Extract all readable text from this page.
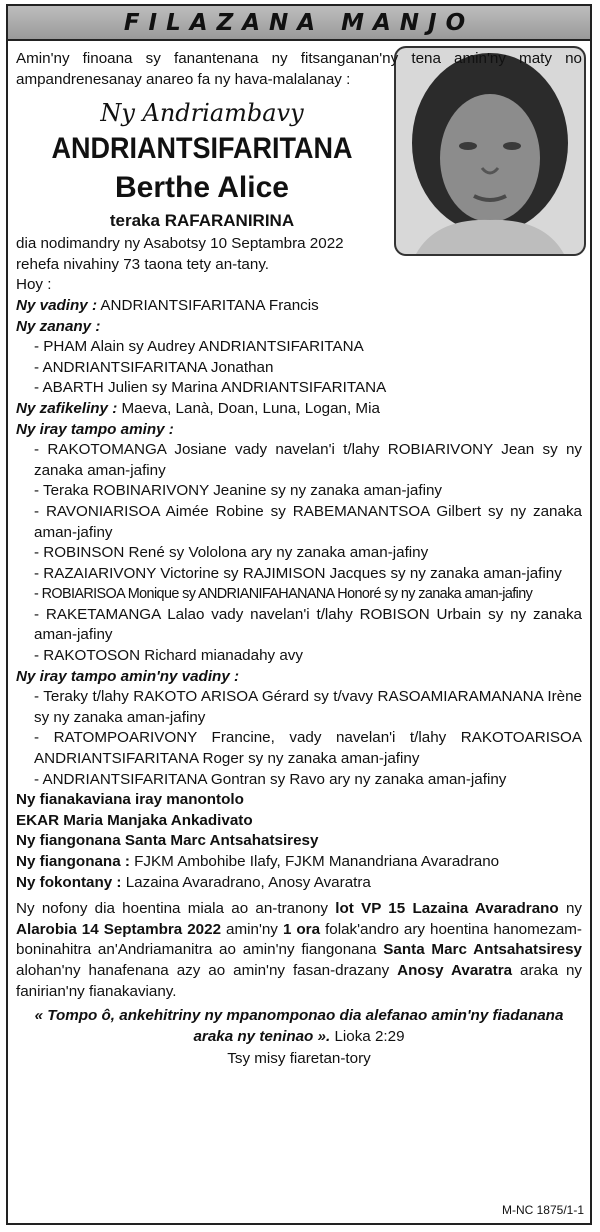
FILAZANA MANJO
Amin'ny finoana sy fanantenana ny fitsanganan'ny tena amin'ny maty no ampandrenesanay anareo fa ny hava-malalanay :
Ny Andriambavy
ANDRIANTSIFARITANA
Berthe Alice
teraka RAFARANIRINA
dia nodimandry ny Asabotsy 10 Septambra 2022
rehefa nivahiny 73 taona tety an-tany.
Hoy :
Ny vadiny : ANDRIANTSIFARITANA Francis
Ny zanany :
- PHAM Alain sy Audrey ANDRIANTSIFARITANA
- ANDRIANTSIFARITANA Jonathan
- ABARTH Julien sy Marina ANDRIANTSIFARITANA
Ny zafikeliny : Maeva, Lanà, Doan, Luna, Logan, Mia
Ny iray tampo aminy :
- RAKOTOMANGA Josiane vady navelan'i t/lahy ROBIARIVONY Jean sy ny zanaka aman-jafiny
- Teraka ROBINARIVONY Jeanine sy ny zanaka aman-jafiny
- RAVONIARISOA Aimée Robine sy RABEMANANTSOA Gilbert sy ny zanaka aman-jafiny
- ROBINSON René sy Vololona ary ny zanaka aman-jafiny
- RAZAIARIVONY Victorine sy RAJIMISON Jacques sy ny zanaka aman-jafiny
- ROBIARISOA Monique sy ANDRIANIFAHANANA Honoré sy ny zanaka aman-jafiny
- RAKETAMANGA Lalao vady navelan'i t/lahy ROBISON Urbain sy ny zanaka aman-jafiny
- RAKOTOSON Richard mianadahy avy
Ny iray tampo amin'ny vadiny :
- Teraky t/lahy RAKOTO ARISOA Gérard sy t/vavy RASOAMIARAMANANA Irène sy ny zanaka aman-jafiny
- RATOMPOARIVONY Francine, vady navelan'i t/lahy RAKOTOARISOA ANDRIANTSIFARITANA Roger sy ny zanaka aman-jafiny
- ANDRIANTSIFARITANA Gontran sy Ravo ary ny zanaka aman-jafiny
Ny fianakaviana iray manontolo
EKAR Maria Manjaka Ankadivato
Ny fiangonana Santa Marc Antsahatsiresy
Ny fiangonana : FJKM Ambohibe Ilafy, FJKM Manandriana Avaradrano
Ny fokontany : Lazaina Avaradrano, Anosy Avaratra
Ny nofony dia hoentina miala ao an-tranony lot VP 15 Lazaina Avaradrano ny Alarobia 14 Septambra 2022 amin'ny 1 ora folak'andro ary hoentina hanomezam-boninahitra an'Andriamanitra ao amin'ny fiangonana Santa Marc Antsahatsiresy alohan'ny hanafenana azy ao amin'ny fasan-drazany Anosy Avaratra araka ny fanirian'ny fianakaviany.
« Tompo ô, ankehitriny ny mpanomponao dia alefanao amin'ny fiadanana araka ny teninao ». Lioka 2:29
Tsy misy fiaretan-tory
M-NC 1875/1-1
